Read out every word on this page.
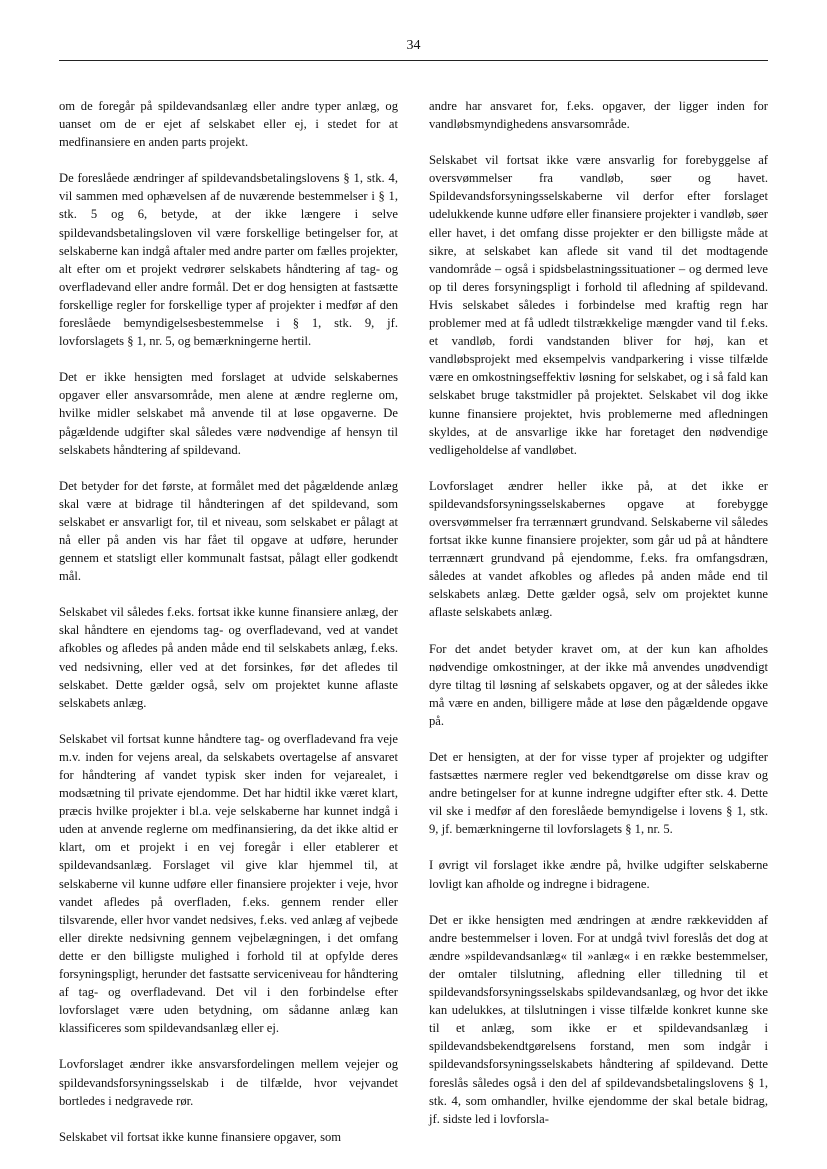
34

om de foregår på spildevandsanlæg eller andre typer anlæg, og uanset om de er ejet af selskabet eller ej, i stedet for at medfinansiere en anden parts projekt.

De foreslåede ændringer af spildevandsbetalingslovens § 1, stk. 4, vil sammen med ophævelsen af de nuværende bestemmelser i § 1, stk. 5 og 6, betyde, at der ikke længere i selve spildevandsbetalingsloven vil være forskellige betingelser for, at selskaberne kan indgå aftaler med andre parter om fælles projekter, alt efter om et projekt vedrører selskabets håndtering af tag- og overfladevand eller andre formål. Det er dog hensigten at fastsætte forskellige regler for forskellige typer af projekter i medfør af den foreslåede bemyndigelsesbestemmelse i § 1, stk. 9, jf. lovforslagets § 1, nr. 5, og bemærkningerne hertil.

Det er ikke hensigten med forslaget at udvide selskabernes opgaver eller ansvarsområde, men alene at ændre reglerne om, hvilke midler selskabet må anvende til at løse opgaverne. De pågældende udgifter skal således være nødvendige af hensyn til selskabets håndtering af spildevand.

Det betyder for det første, at formålet med det pågældende anlæg skal være at bidrage til håndteringen af det spildevand, som selskabet er ansvarligt for, til et niveau, som selskabet er pålagt at nå eller på anden vis har fået til opgave at udføre, herunder gennem et statsligt eller kommunalt fastsat, pålagt eller godkendt mål.

Selskabet vil således f.eks. fortsat ikke kunne finansiere anlæg, der skal håndtere en ejendoms tag- og overfladevand, ved at vandet afkobles og afledes på anden måde end til selskabets anlæg, f.eks. ved nedsivning, eller ved at det forsinkes, før det afledes til selskabet. Dette gælder også, selv om projektet kunne aflaste selskabets anlæg.

Selskabet vil fortsat kunne håndtere tag- og overfladevand fra veje m.v. inden for vejens areal, da selskabets overtagelse af ansvaret for håndtering af vandet typisk sker inden for vejarealet, i modsætning til private ejendomme. Det har hidtil ikke været klart, præcis hvilke projekter i bl.a. veje selskaberne har kunnet indgå i uden at anvende reglerne om medfinansiering, da det ikke altid er klart, om et projekt i en vej foregår i eller etablerer et spildevandsanlæg. Forslaget vil give klar hjemmel til, at selskaberne vil kunne udføre eller finansiere projekter i veje, hvor vandet afledes på overfladen, f.eks. gennem render eller tilsvarende, eller hvor vandet nedsives, f.eks. ved anlæg af vejbede eller direkte nedsivning gennem vejbelægningen, i det omfang dette er den billigste mulighed i forhold til at opfylde deres forsyningspligt, herunder det fastsatte serviceniveau for håndtering af tag- og overfladevand. Det vil i den forbindelse efter lovforslaget være uden betydning, om sådanne anlæg kan klassificeres som spildevandsanlæg eller ej.

Lovforslaget ændrer ikke ansvarsfordelingen mellem vejejer og spildevandsforsyningsselskab i de tilfælde, hvor vejvandet bortledes i nedgravede rør.

Selskabet vil fortsat ikke kunne finansiere opgaver, som

andre har ansvaret for, f.eks. opgaver, der ligger inden for vandløbsmyndighedens ansvarsområde.

Selskabet vil fortsat ikke være ansvarlig for forebyggelse af oversvømmelser fra vandløb, søer og havet. Spildevandsforsyningsselskaberne vil derfor efter forslaget udelukkende kunne udføre eller finansiere projekter i vandløb, søer eller havet, i det omfang disse projekter er den billigste måde at sikre, at selskabet kan aflede sit vand til det modtagende vandområde – også i spidsbelastningssituationer – og dermed leve op til deres forsyningspligt i forhold til afledning af spildevand. Hvis selskabet således i forbindelse med kraftig regn har problemer med at få udledt tilstrækkelige mængder vand til f.eks. et vandløb, fordi vandstanden bliver for høj, kan et vandløbsprojekt med eksempelvis vandparkering i visse tilfælde være en omkostningseffektiv løsning for selskabet, og i så fald kan selskabet bruge takstmidler på projektet. Selskabet vil dog ikke kunne finansiere projektet, hvis problemerne med afledningen skyldes, at de ansvarlige ikke har foretaget den nødvendige vedligeholdelse af vandløbet.

Lovforslaget ændrer heller ikke på, at det ikke er spildevandsforsyningsselskabernes opgave at forebygge oversvømmelser fra terrænnært grundvand. Selskaberne vil således fortsat ikke kunne finansiere projekter, som går ud på at håndtere terrænnært grundvand på ejendomme, f.eks. fra omfangsdræn, således at vandet afkobles og afledes på anden måde end til selskabets anlæg. Dette gælder også, selv om projektet kunne aflaste selskabets anlæg.

For det andet betyder kravet om, at der kun kan afholdes nødvendige omkostninger, at der ikke må anvendes unødvendigt dyre tiltag til løsning af selskabets opgaver, og at der således ikke må være en anden, billigere måde at løse den pågældende opgave på.

Det er hensigten, at der for visse typer af projekter og udgifter fastsættes nærmere regler ved bekendtgørelse om disse krav og andre betingelser for at kunne indregne udgifter efter stk. 4. Dette vil ske i medfør af den foreslåede bemyndigelse i lovens § 1, stk. 9, jf. bemærkningerne til lovforslagets § 1, nr. 5.

I øvrigt vil forslaget ikke ændre på, hvilke udgifter selskaberne lovligt kan afholde og indregne i bidragene.

Det er ikke hensigten med ændringen at ændre rækkevidden af andre bestemmelser i loven. For at undgå tvivl foreslås det dog at ændre »spildevandsanlæg« til »anlæg« i en række bestemmelser, der omtaler tilslutning, afledning eller tilledning til et spildevandsforsyningsselskabs spildevandsanlæg, og hvor det ikke kan udelukkes, at tilslutningen i visse tilfælde konkret kunne ske til et anlæg, som ikke er et spildevandsanlæg i spildevandsbekendtgørelsens forstand, men som indgår i spildevandsforsyningsselskabets håndtering af spildevand. Dette foreslås således også i den del af spildevandsbetalingslovens § 1, stk. 4, som omhandler, hvilke ejendomme der skal betale bidrag, jf. sidste led i lovforsla-
